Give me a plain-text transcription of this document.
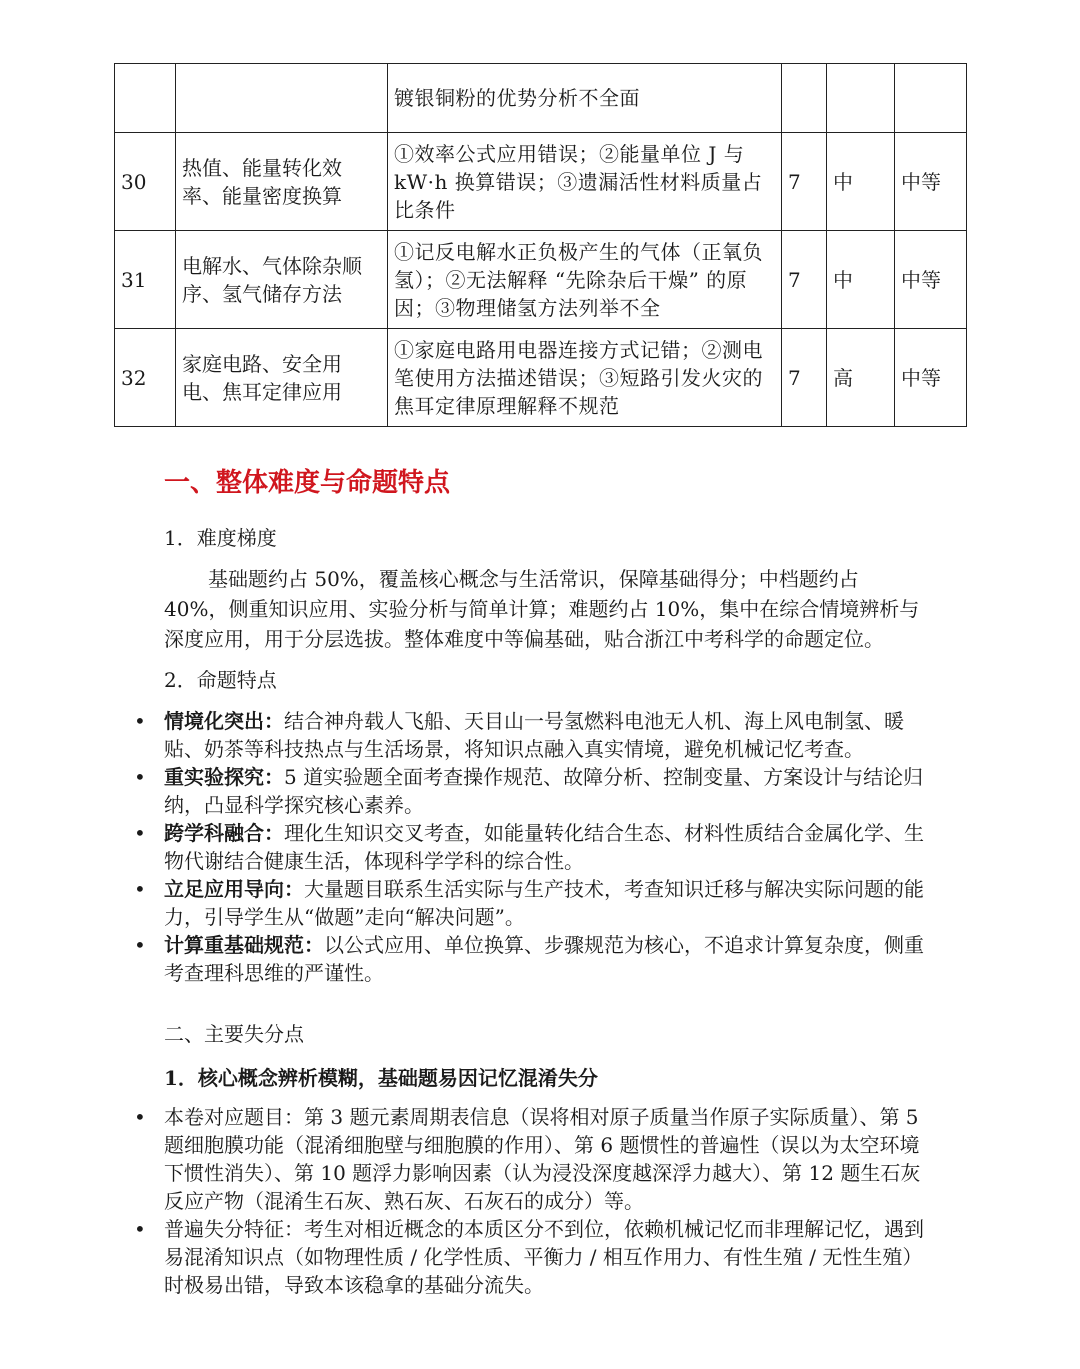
		镀银铜粉的优势分析不全面			
30	热值、能量转化效率、能量密度换算	①效率公式应用错误；②能量单位 J 与 kW·h 换算错误；③遗漏活性材料质量占比条件	7	中	中等
31	电解水、气体除杂顺序、氢气储存方法	①记反电解水正负极产生的气体（正氧负氢）；②无法解释 “先除杂后干燥” 的原因；③物理储氢方法列举不全	7	中	中等
32	家庭电路、安全用电、焦耳定律应用	①家庭电路用电器连接方式记错；②测电笔使用方法描述错误；③短路引发火灾的焦耳定律原理解释不规范	7	高	中等
一、整体难度与命题特点
1．难度梯度
基础题约占 50%，覆盖核心概念与生活常识，保障基础得分；中档题约占 40%，侧重知识应用、实验分析与简单计算；难题约占 10%，集中在综合情境辨析与深度应用，用于分层选拔。整体难度中等偏基础，贴合浙江中考科学的命题定位。
2．命题特点
• 情境化突出：结合神舟载人飞船、天目山一号氢燃料电池无人机、海上风电制氢、暖贴、奶茶等科技热点与生活场景，将知识点融入真实情境，避免机械记忆考查。
• 重实验探究：5 道实验题全面考查操作规范、故障分析、控制变量、方案设计与结论归纳，凸显科学探究核心素养。
• 跨学科融合：理化生知识交叉考查，如能量转化结合生态、材料性质结合金属化学、生物代谢结合健康生活，体现科学学科的综合性。
• 立足应用导向：大量题目联系生活实际与生产技术，考查知识迁移与解决实际问题的能力，引导学生从“做题”走向“解决问题”。
• 计算重基础规范：以公式应用、单位换算、步骤规范为核心，不追求计算复杂度，侧重考查理科思维的严谨性。
二、主要失分点
1．核心概念辨析模糊，基础题易因记忆混淆失分
• 本卷对应题目：第 3 题元素周期表信息（误将相对原子质量当作原子实际质量）、第 5 题细胞膜功能（混淆细胞壁与细胞膜的作用）、第 6 题惯性的普遍性（误以为太空环境下惯性消失）、第 10 题浮力影响因素（认为浸没深度越深浮力越大）、第 12 题生石灰反应产物（混淆生石灰、熟石灰、石灰石的成分）等。
• 普遍失分特征：考生对相近概念的本质区分不到位，依赖机械记忆而非理解记忆，遇到易混淆知识点（如物理性质 / 化学性质、平衡力 / 相互作用力、有性生殖 / 无性生殖）时极易出错，导致本该稳拿的基础分流失。
